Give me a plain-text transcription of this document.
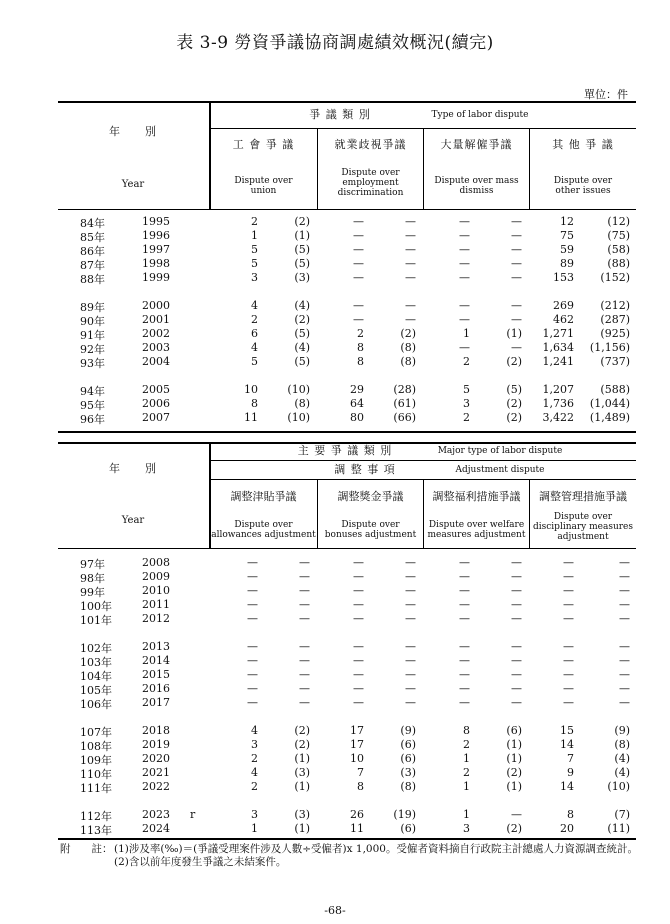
表 3-9 勞資爭議協商調處績效概況(續完)
單位：件
年　　別
Year
爭 議 類 別	Type of labor dispute
工 會 爭 議	就業歧視爭議	大量解僱爭議	其 他 爭 議
Dispute over union
Dispute over employment discrimination
Dispute over mass dismiss
Dispute over other issues
84年	1995	2	(2)	—	—	—	—	12	(12)
85年	1996	1	(1)	—	—	—	—	75	(75)
86年	1997	5	(5)	—	—	—	—	59	(58)
87年	1998	5	(5)	—	—	—	—	89	(88)
88年	1999	3	(3)	—	—	—	—	153 (152)
89年	2000	4	(4)	—	—	—	—	269 (212)
90年	2001	2	(2)	—	—	—	—	462 (287)
91年	2002	6	(5)	2	(2)	1	(1) 1,271 (925)
92年	2003	4	(4)	8	(8)	—	— 1,634 (1,156)
93年	2004	5	(5)	8	(8)	2	(2) 1,241 (737)
94年	2005	10	(10)	29	(28)	5	(5) 1,207 (588)
95年	2006	8	(8)	64	(61)	3	(2) 1,736 (1,044)
96年	2007	11	(10)	80	(66)	2	(2) 3,422 (1,489)
年　　別
Year
主 要 爭 議 類 別	Major type of labor dispute
調 整 事 項	Adjustment dispute
調整津貼爭議	調整獎金爭議	調整福利措施爭議	調整管理措施爭議
Dispute over allowances adjustment
Dispute over bonuses adjustment
Dispute over welfare measures adjustment
Dispute over disciplinary measures adjustment
97年	2008	—	—	—	—	—	—	—	—
98年	2009	—	—	—	—	—	—	—	—
99年	2010	—	—	—	—	—	—	—	—
100年	2011	—	—	—	—	—	—	—	—
101年	2012	—	—	—	—	—	—	—	—
102年	2013	—	—	—	—	—	—	—	—
103年	2014	—	—	—	—	—	—	—	—
104年	2015	—	—	—	—	—	—	—	—
105年	2016	—	—	—	—	—	—	—	—
106年	2017	—	—	—	—	—	—	—	—
107年	2018	4	(2)	17	(9)	8	(6)	15	(9)
108年	2019	3	(2)	17	(6)	2	(1)	14	(8)
109年	2020	2	(1)	10	(6)	1	(1)	7	(4)
110年	2021	4	(3)	7	(3)	2	(2)	9	(4)
111年	2022	2	(1)	8	(8)	1	(1)	14	(10)
112年	2023 r	3	(3)	26	(19)	1	—	8	(7)
113年	2024	1	(1)	11	(6)	3	(2)	20	(11)
附　　註： (1)涉及率(‰)＝(爭議受理案件涉及人數÷受僱者)x 1,000。受僱者資料摘自行政院主計總處人力資源調查統計。
(2)含以前年度發生爭議之未結案件。
-68-
